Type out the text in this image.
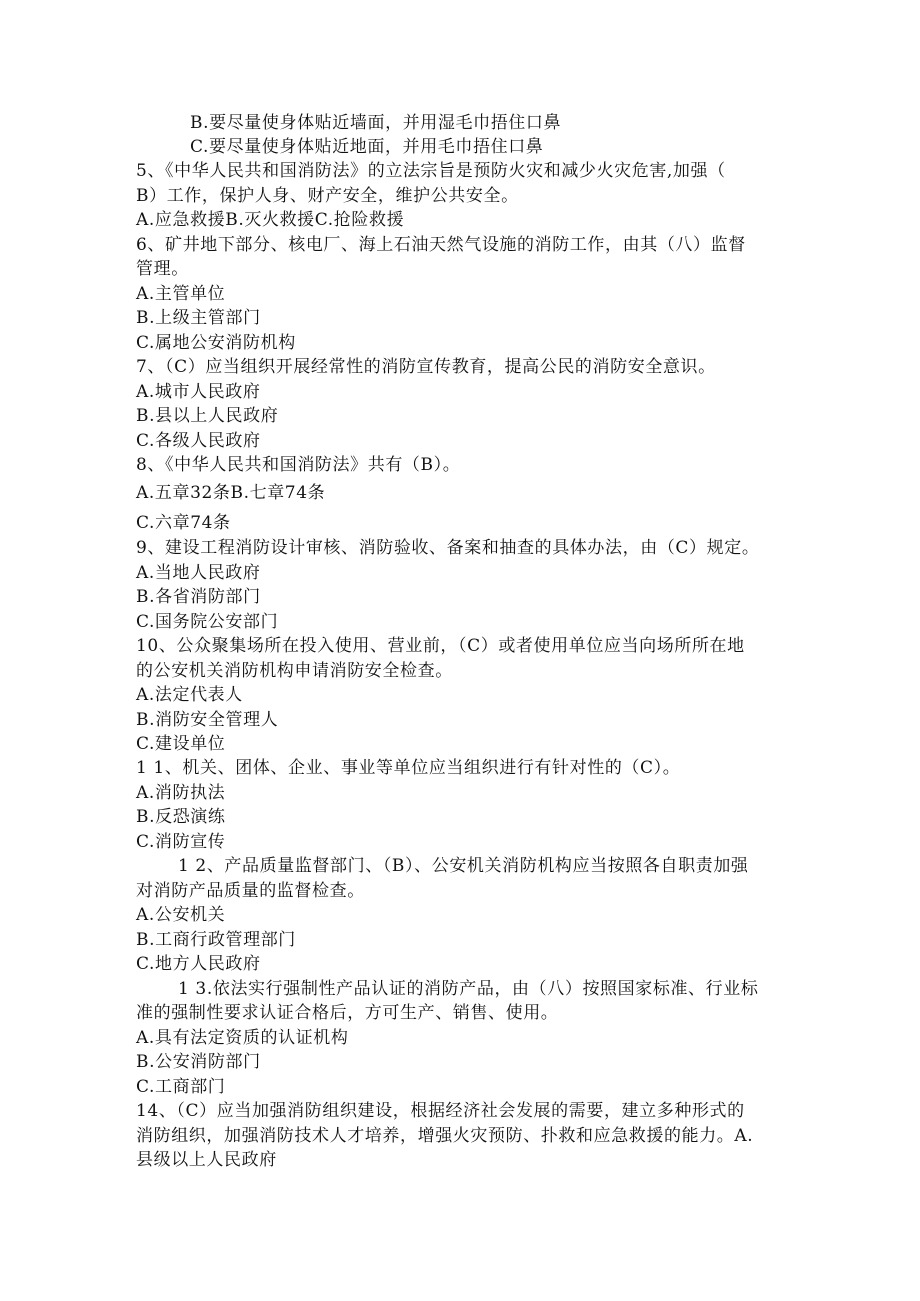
B.要尽量使身体贴近墙面，并用湿毛巾捂住口鼻
C.要尽量使身体贴近地面，并用毛巾捂住口鼻
5、《中华人民共和国消防法》的立法宗旨是预防火灾和减少火灾危害,加强（
B）工作，保护人身、财产安全，维护公共安全。
A.应急救援B.灭火救援C.抢险救援
6、矿井地下部分、核电厂、海上石油天然气设施的消防工作，由其（八）监督
管理。
A.主管单位
B.上级主管部门
C.属地公安消防机构
7、（C）应当组织开展经常性的消防宣传教育，提高公民的消防安全意识。
A.城市人民政府
B.县以上人民政府
C.各级人民政府
8、《中华人民共和国消防法》共有（B）。
A.五章32条B.七章74条
C.六章74条
9、建设工程消防设计审核、消防验收、备案和抽查的具体办法，由（C）规定。
A.当地人民政府
B.各省消防部门
C.国务院公安部门
10、公众聚集场所在投入使用、营业前，（C）或者使用单位应当向场所所在地
的公安机关消防机构申请消防安全检查。
A.法定代表人
B.消防安全管理人
C.建设单位
1 1、机关、团体、企业、事业等单位应当组织进行有针对性的（C）。
A.消防执法
B.反恐演练
C.消防宣传
1 2、产品质量监督部门、（B）、公安机关消防机构应当按照各自职责加强
对消防产品质量的监督检查。
A.公安机关
B.工商行政管理部门
C.地方人民政府
1 3.依法实行强制性产品认证的消防产品，由（八）按照国家标准、行业标
准的强制性要求认证合格后，方可生产、销售、使用。
A.具有法定资质的认证机构
B.公安消防部门
C.工商部门
14、（C）应当加强消防组织建设，根据经济社会发展的需要，建立多种形式的
消防组织，加强消防技术人才培养，增强火灾预防、扑救和应急救援的能力。A.
县级以上人民政府
